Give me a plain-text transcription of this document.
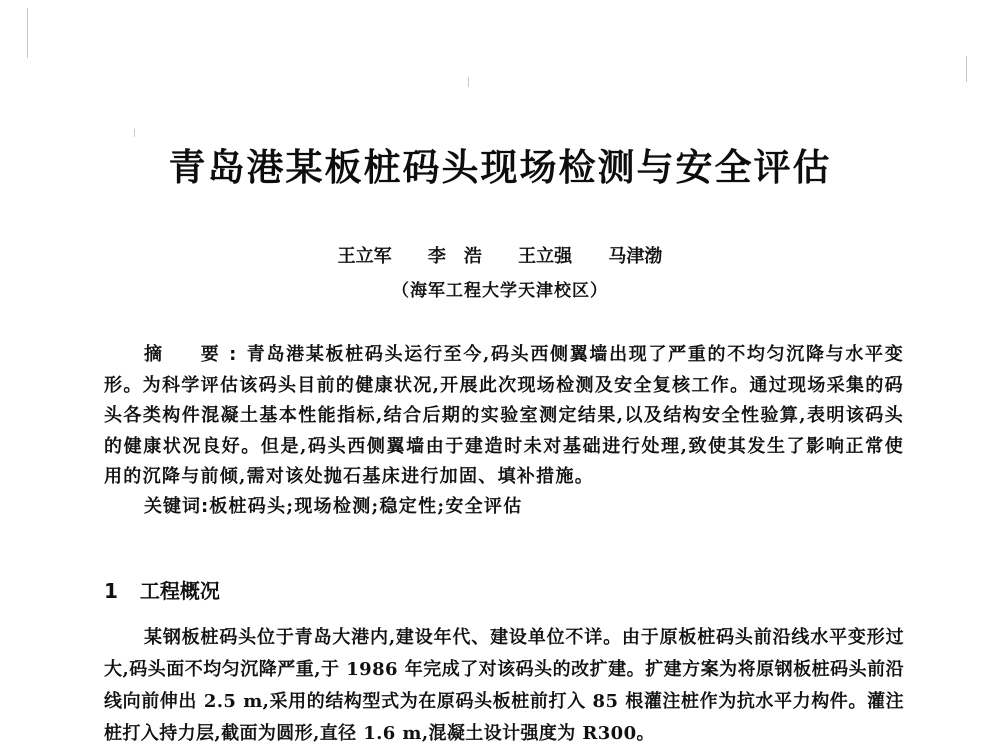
青岛港某板桩码头现场检测与安全评估
王立军 李　浩 王立强 马津渤
（海军工程大学天津校区）
摘　要:青岛港某板桩码头运行至今,码头西侧翼墙出现了严重的不均匀沉降与水平变形。为科学评估该码头目前的健康状况,开展此次现场检测及安全复核工作。通过现场采集的码头各类构件混凝土基本性能指标,结合后期的实验室测定结果,以及结构安全性验算,表明该码头的健康状况良好。但是,码头西侧翼墙由于建造时未对基础进行处理,致使其发生了影响正常使用的沉降与前倾,需对该处抛石基床进行加固、填补措施。
关键词:板桩码头;现场检测;稳定性;安全评估
1 工程概况
某钢板桩码头位于青岛大港内,建设年代、建设单位不详。由于原板桩码头前沿线水平变形过大,码头面不均匀沉降严重,于 1986 年完成了对该码头的改扩建。扩建方案为将原钢板桩码头前沿线向前伸出 2.5 m,采用的结构型式为在原码头板桩前打入 85 根灌注桩作为抗水平力构件。灌注桩打入持力层,截面为圆形,直径 1.6 m,混凝土设计强度为 R300。
